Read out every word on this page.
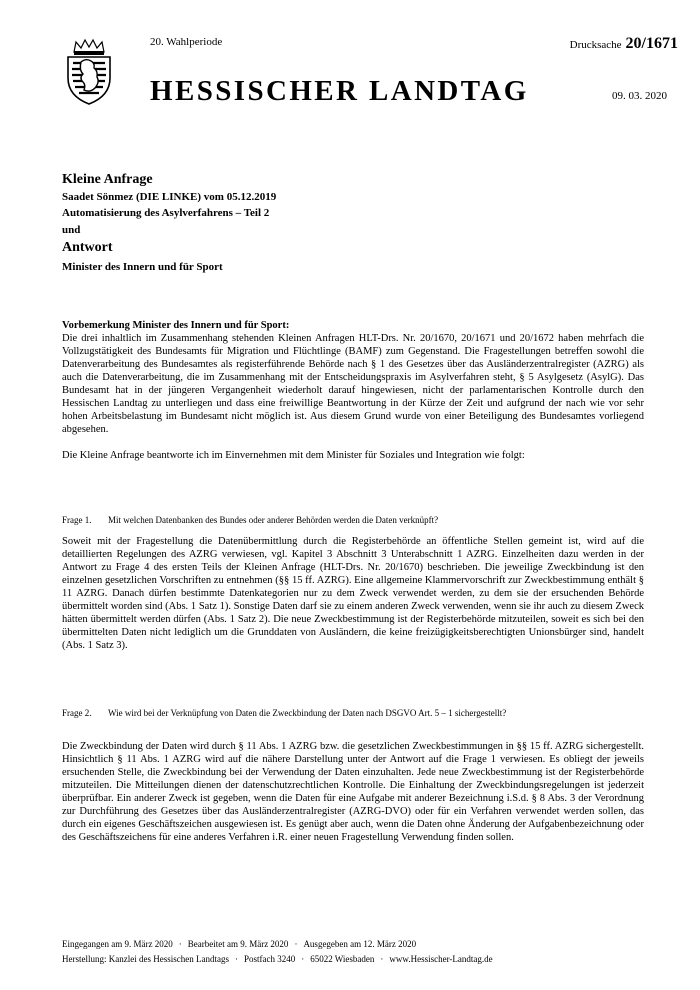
20. Wahlperiode
HESSISCHER LANDTAG
Drucksache 20/1671
09. 03. 2020
Kleine Anfrage
Saadet Sönmez (DIE LINKE) vom 05.12.2019
Automatisierung des Asylverfahrens – Teil 2
und
Antwort
Minister des Innern und für Sport
Vorbemerkung Minister des Innern und für Sport:
Die drei inhaltlich im Zusammenhang stehenden Kleinen Anfragen HLT-Drs. Nr. 20/1670, 20/1671 und 20/1672 haben mehrfach die Vollzugstätigkeit des Bundesamts für Migration und Flüchtlinge (BAMF) zum Gegenstand. Die Fragestellungen betreffen sowohl die Datenverarbeitung des Bundesamtes als registerführende Behörde nach § 1 des Gesetzes über das Ausländerzentralregister (AZRG) als auch die Datenverarbeitung, die im Zusammenhang mit der Entscheidungspraxis im Asylverfahren steht, § 5 Asylgesetz (AsylG). Das Bundesamt hat in der jüngeren Vergangenheit wiederholt darauf hingewiesen, nicht der parlamentarischen Kontrolle durch den Hessischen Landtag zu unterliegen und dass eine freiwillige Beantwortung in der Kürze der Zeit und aufgrund der nach wie vor sehr hohen Arbeitsbelastung im Bundesamt nicht möglich ist. Aus diesem Grund wurde von einer Beteiligung des Bundesamtes vorliegend abgesehen.
Die Kleine Anfrage beantworte ich im Einvernehmen mit dem Minister für Soziales und Integration wie folgt:
Frage 1. Mit welchen Datenbanken des Bundes oder anderer Behörden werden die Daten verknüpft?
Soweit mit der Fragestellung die Datenübermittlung durch die Registerbehörde an öffentliche Stellen gemeint ist, wird auf die detaillierten Regelungen des AZRG verwiesen, vgl. Kapitel 3 Abschnitt 3 Unterabschnitt 1 AZRG. Einzelheiten dazu werden in der Antwort zu Frage 4 des ersten Teils der Kleinen Anfrage (HLT-Drs. Nr. 20/1670) beschrieben. Die jeweilige Zweckbindung ist den einzelnen gesetzlichen Vorschriften zu entnehmen (§§ 15 ff. AZRG). Eine allgemeine Klammervorschrift zur Zweckbestimmung enthält § 11 AZRG. Danach dürfen bestimmte Datenkategorien nur zu dem Zweck verwendet werden, zu dem sie der ersuchenden Behörde übermittelt worden sind (Abs. 1 Satz 1). Sonstige Daten darf sie zu einem anderen Zweck verwenden, wenn sie ihr auch zu diesem Zweck hätten übermittelt werden dürfen (Abs. 1 Satz 2). Die neue Zweckbestimmung ist der Registerbehörde mitzuteilen, soweit es sich bei den übermittelten Daten nicht lediglich um die Grunddaten von Ausländern, die keine freizügigkeitsberechtigten Unionsbürger sind, handelt (Abs. 1 Satz 3).
Frage 2. Wie wird bei der Verknüpfung von Daten die Zweckbindung der Daten nach DSGVO Art. 5 – 1 sichergestellt?
Die Zweckbindung der Daten wird durch § 11 Abs. 1 AZRG bzw. die gesetzlichen Zweckbestimmungen in §§ 15 ff. AZRG sichergestellt. Hinsichtlich § 11 Abs. 1 AZRG wird auf die nähere Darstellung unter der Antwort auf die Frage 1 verwiesen. Es obliegt der jeweils ersuchenden Stelle, die Zweckbindung bei der Verwendung der Daten einzuhalten. Jede neue Zweckbestimmung ist der Registerbehörde mitzuteilen. Die Mitteilungen dienen der datenschutzrechtlichen Kontrolle. Die Einhaltung der Zweckbindungsregelungen ist jederzeit überprüfbar. Ein anderer Zweck ist gegeben, wenn die Daten für eine Aufgabe mit anderer Bezeichnung i.S.d. § 8 Abs. 3 der Verordnung zur Durchführung des Gesetzes über das Ausländerzentralregister (AZRG-DVO) oder für ein Verfahren verwendet werden sollen, das durch ein eigenes Geschäftszeichen ausgewiesen ist. Es genügt aber auch, wenn die Daten ohne Änderung der Aufgabenbezeichnung oder des Geschäftszeichens für eine anderes Verfahren i.R. einer neuen Fragestellung Verwendung finden sollen.
Eingegangen am 9. März 2020 · Bearbeitet am 9. März 2020 · Ausgegeben am 12. März 2020
Herstellung: Kanzlei des Hessischen Landtags · Postfach 3240 · 65022 Wiesbaden · www.Hessischer-Landtag.de
